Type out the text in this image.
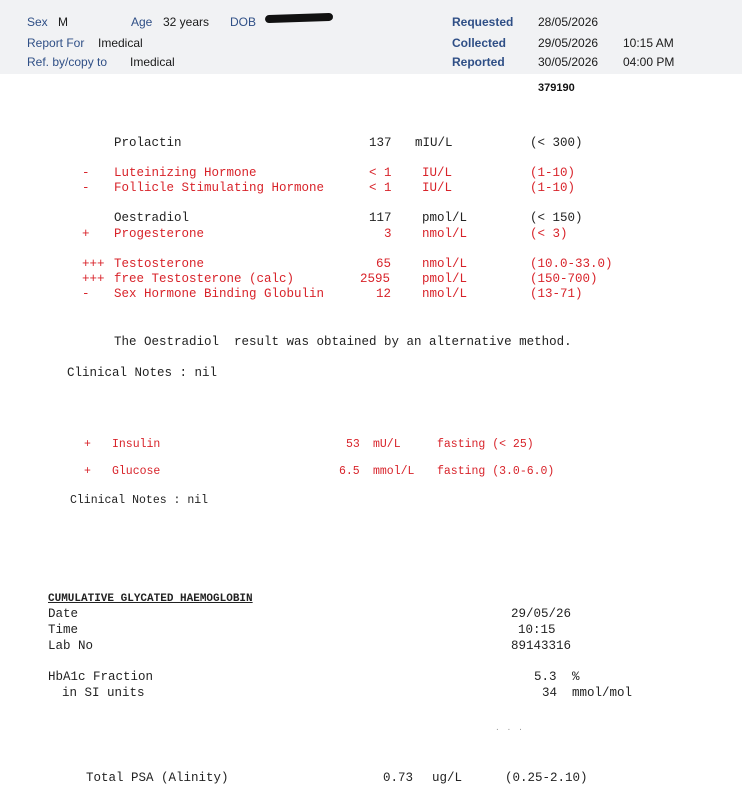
Sex M	Age 32 years DOB
Report For Imedical
Ref. by/copy to Imedical
Requested 28/05/2026
Collected	29/05/2026 10:15 AM
Reported	30/05/2026 04:00 PM
379190
Prolactin	137 mIU/L	(< 300)
- Luteinizing Hormone	< 1 IU/L	(1-10)
- Follicle Stimulating Hormone	< 1 IU/L	(1-10)
Oestradiol	117 pmol/L	(< 150)
+ Progesterone	3 nmol/L	(< 3)
+++ Testosterone	65 nmol/L	(10.0-33.0)
+++ free Testosterone (calc)	2595	pmol/L	(150-700)
- Sex Hormone Binding Globulin	12 nmol/L	(13-71)
The Oestradiol  result was obtained by an alternative method.
Clinical Notes : nil
+ Insulin	53 mU/L	fasting (< 25)
+ Glucose	6.5 mmol/L fasting (3.0-6.0)
Clinical Notes : nil
CUMULATIVE GLYCATED HAEMOGLOBIN
Date	29/05/26
Time	10:15
Lab No	89143316
HbA1c Fraction	5.3 %
in SI units	34 mmol/mol
. . .
Total PSA (Alinity)	0.73 ug/L	(0.25-2.10)
